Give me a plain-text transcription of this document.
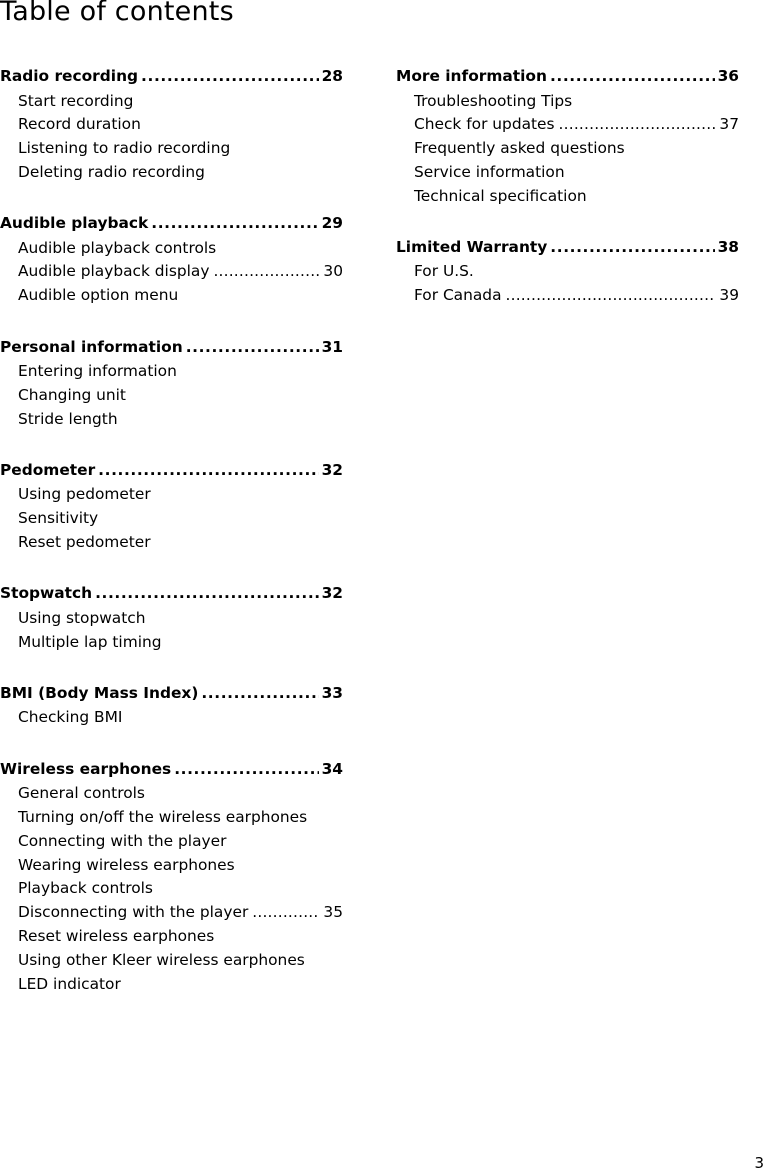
Table of contents
Radio recording .....	28
Start recording
Record duration
Listening to radio recording
Deleting radio recording
Audible playback .....	29
Audible playback controls
Audible playback display .....	30
Audible option menu
Personal information .....	31
Entering information
Changing unit
Stride length
Pedometer .....	32
Using pedometer
Sensitivity
Reset pedometer
Stopwatch .....	32
Using stopwatch
Multiple lap timing
BMI (Body Mass Index) .....	33
Checking BMI
Wireless earphones .....	34
General controls
Turning on/off the wireless earphones
Connecting with the player
Wearing wireless earphones
Playback controls
Disconnecting with the player .....	35
Reset wireless earphones
Using other Kleer wireless earphones
LED indicator
More information .....	36
Troubleshooting Tips
Check for updates .....	37
Frequently asked questions
Service information
Technical specification
Limited Warranty .....	38
For U.S.
For Canada .....	39
3
